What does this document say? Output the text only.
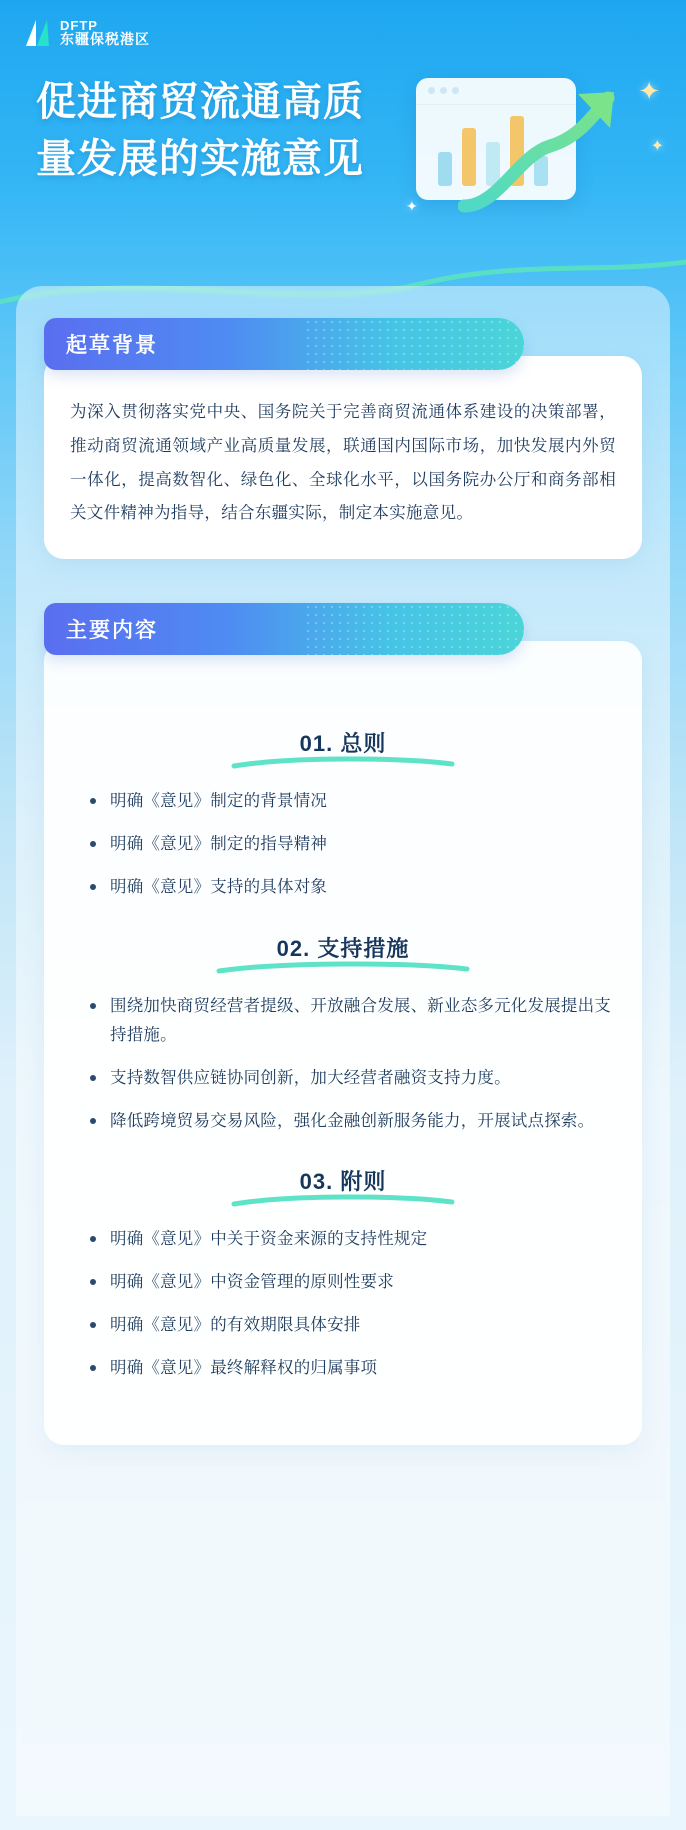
DFTP
东疆保税港区
促进商贸流通高质量发展的实施意见
✦
✦
✦
起草背景
为深入贯彻落实党中央、国务院关于完善商贸流通体系建设的决策部署，推动商贸流通领域产业高质量发展，联通国内国际市场，加快发展内外贸一体化，提高数智化、绿色化、全球化水平，以国务院办公厅和商务部相关文件精神为指导，结合东疆实际，制定本实施意见。
主要内容
01. 总则
明确《意见》制定的背景情况
明确《意见》制定的指导精神
明确《意见》支持的具体对象
02. 支持措施
围绕加快商贸经营者提级、开放融合发展、新业态多元化发展提出支持措施。
支持数智供应链协同创新，加大经营者融资支持力度。
降低跨境贸易交易风险，强化金融创新服务能力，开展试点探索。
03. 附则
明确《意见》中关于资金来源的支持性规定
明确《意见》中资金管理的原则性要求
明确《意见》的有效期限具体安排
明确《意见》最终解释权的归属事项
